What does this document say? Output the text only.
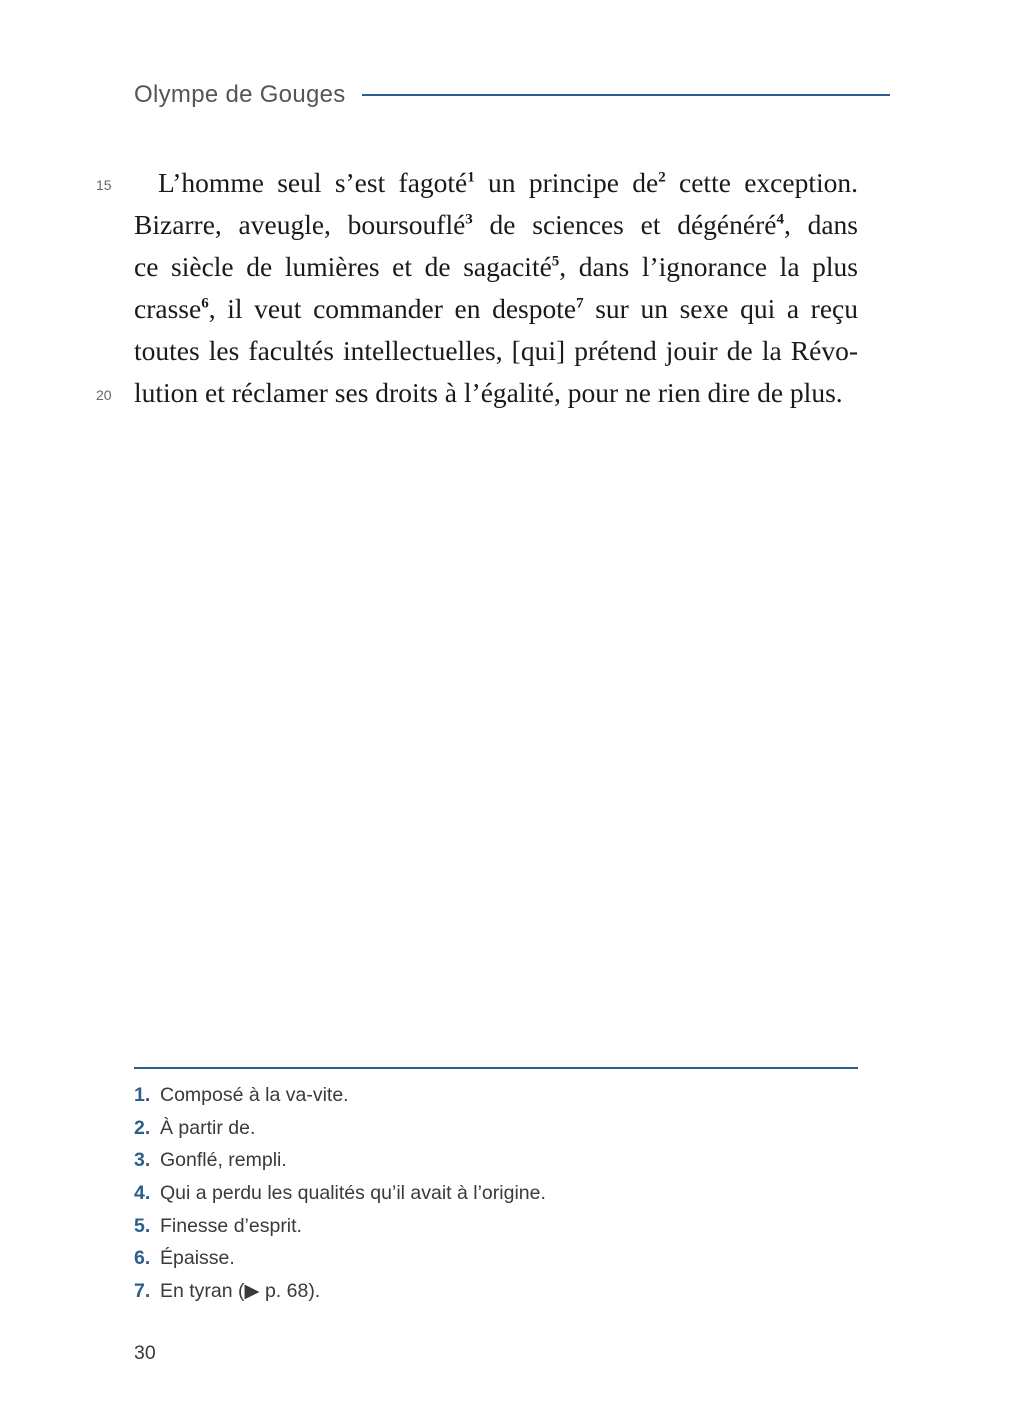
Olympe de Gouges
15 L’homme seul s’est fagoté$^1$ un principe $de^2$ cette exception.
Bizarre, aveugle, boursouflé$^3$ de sciences et dégénéré$^4$, dans
ce siècle de lumières et de sagacité$^5$, dans l’ignorance la plus
crasse$^6$, il veut commander en despote$^7$ sur un sexe qui a reçu
toutes les facultés intellectuelles, [qui] prétend jouir de la Révo-
20 lution et réclamer ses droits à l’égalité, pour ne rien dire de plus.
1. Composé à la va-vite.
2. À partir de.
3. Gonflé, rempli.
4. Qui a perdu les qualités qu’il avait à l’origine.
5. Finesse d’esprit.
6. Épaisse.
7. En tyran (▶ p. 68).
30
